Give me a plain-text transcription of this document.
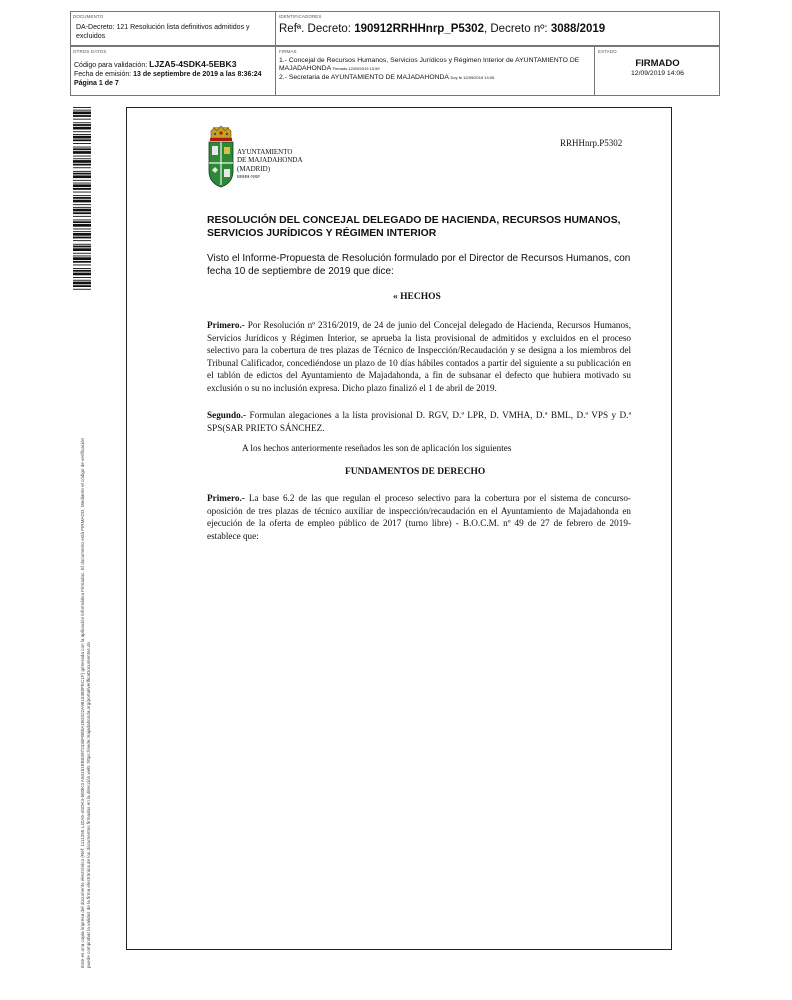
DOCUMENTO
DA-Decreto: 121 Resolución lista definitivos admitidos y excluidos
IDENTIFICADORES
Refª. Decreto: 190912RRHHnrp_P5302, Decreto nº: 3088/2019
OTROS DATOS
Código para validación: LJZA5-4SDK4-5EBK3
Fecha de emisión: 13 de septiembre de 2019 a las 8:36:24
Página 1 de 7
FIRMAS
1.- Concejal de Recursos Humanos, Servicios Jurídicos y Régimen Interior de AYUNTAMIENTO DE MAJADAHONDA Firmado 12/09/2019 13:59
2.- Secretaria de AYUNTAMIENTO DE MAJADAHONDA Doy fe 12/09/2019 14:06
ESTADO
FIRMADO
12/09/2019 14:06
Este es una copia impresa del documento electrónico (Ref: 1111255 LJZA5-4SDK4-5EBK3 A94181EB53972430FB80A1B2022A9815380FEC1F) generada con la aplicación informática Firmadoc. El documento está FIRMADO. Mediante el código de verificación puede comprobar la validez de la firma electrónica de los documentos firmados en la dirección web: https://sede.majadahonda.org/portal/verificaDocumentos.do
AYUNTAMIENTO
DE MAJADAHONDA
(MADRID)
RRHH-NRP
RRHHnrp.P5302
RESOLUCIÓN DEL CONCEJAL DELEGADO DE HACIENDA, RECURSOS HUMANOS, SERVICIOS JURÍDICOS Y RÉGIMEN INTERIOR
Visto el Informe-Propuesta de Resolución formulado por el Director de Recursos Humanos, con fecha 10 de septiembre de 2019 que dice:
« HECHOS
Primero.- Por Resolución nº 2316/2019, de 24 de junio del Concejal delegado de Hacienda, Recursos Humanos, Servicios Jurídicos y Régimen Interior, se aprueba la lista provisional de admitidos y excluidos en el proceso selectivo para la cobertura de tres plazas de Técnico de Inspección/Recaudación y se designa a los miembros del Tribunal Calificador, concediéndose un plazo de 10 días hábiles contados a partir del siguiente a su publicación en el tablón de edictos del Ayuntamiento de Majadahonda, a fin de subsanar el defecto que hubiera motivado su exclusión o su no inclusión expresa. Dicho plazo finalizó el 1 de abril de 2019.
Segundo.- Formulan alegaciones a la lista provisional D. RGV, D.ª LPR, D. VMHA, D.ª BML, D.ª VPS y D.ª SPS(SAR PRIETO SÁNCHEZ.
A los hechos anteriormente reseñados les son de aplicación los siguientes
FUNDAMENTOS DE DERECHO
Primero.- La base 6.2 de las que regulan el proceso selectivo para la cobertura por el sistema de concurso-oposición de tres plazas de técnico auxiliar de inspección/recaudación en el Ayuntamiento de Majadahonda en ejecución de la oferta de empleo público de 2017 (turno libre) - B.O.C.M. nº 49 de 27 de febrero de 2019- establece que:
